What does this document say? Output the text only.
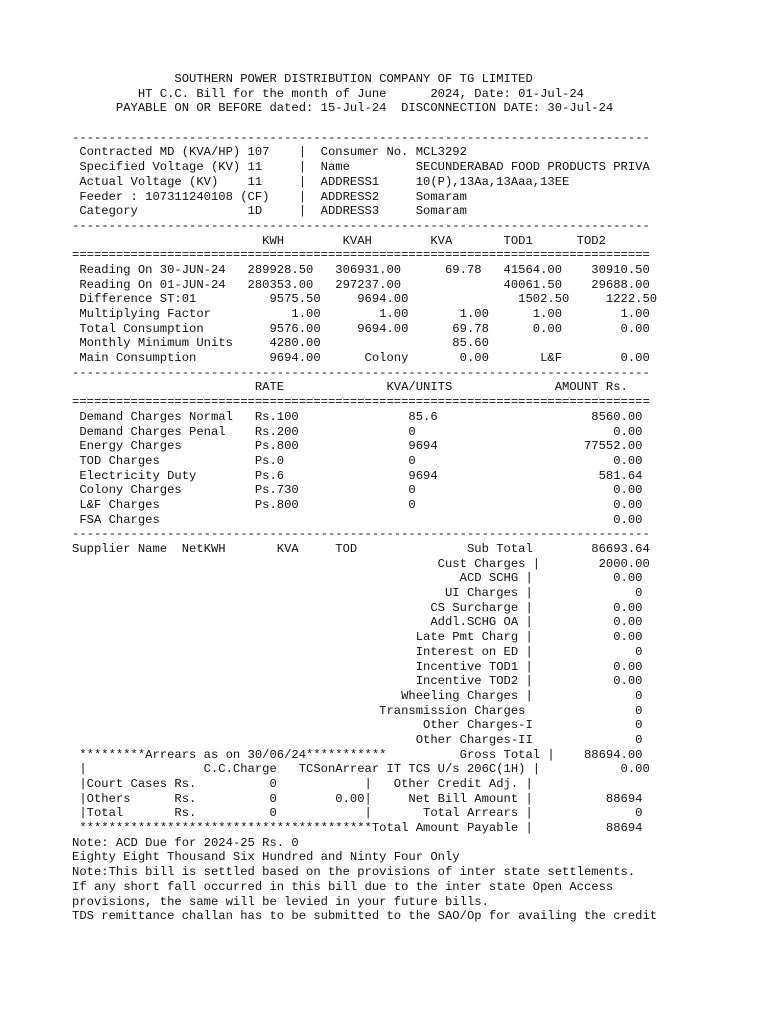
SOUTHERN POWER DISTRIBUTION COMPANY OF TG LIMITED
HT C.C. Bill for the month of June      2024, Date: 01-Jul-24
PAYABLE ON OR BEFORE dated: 15-Jul-24  DISCONNECTION DATE: 30-Jul-24
-------------------------------------------------------------------------------
Contracted MD (KVA/HP) 107    |  Consumer No. MCL3292
Specified Voltage (KV) 11     |  Name         SECUNDERABAD FOOD PRODUCTS PRIVA
Actual Voltage (KV)    11     |  ADDRESS1     10(P),13Aa,13Aaa,13EE
Feeder : 107311240108 (CF)    |  ADDRESS2     Somaram
Category               1D     |  ADDRESS3     Somaram
-------------------------------------------------------------------------------
KWH        KVAH        KVA       TOD1      TOD2
===============================================================================
Reading On 30-JUN-24   289928.50   306931.00      69.78   41564.00    30910.50
Reading On 01-JUN-24   280353.00   297237.00              40061.50    29688.00
Difference ST:01          9575.50     9694.00               1502.50     1222.50
Multiplying Factor           1.00        1.00       1.00      1.00        1.00
Total Consumption         9576.00     9694.00      69.78      0.00        0.00
Monthly Minimum Units     4280.00                  85.60
Main Consumption          9694.00      Colony       0.00       L&F        0.00
-------------------------------------------------------------------------------
RATE              KVA/UNITS              AMOUNT Rs.
===============================================================================
Demand Charges Normal   Rs.100               85.6                     8560.00
Demand Charges Penal    Rs.200               0                           0.00
Energy Charges          Ps.800               9694                    77552.00
TOD Charges             Ps.0                 0                           0.00
Electricity Duty        Ps.6                 9694                      581.64
Colony Charges          Ps.730               0                           0.00
L&F Charges             Ps.800               0                           0.00
FSA Charges                                                              0.00
-------------------------------------------------------------------------------
Supplier Name  NetKWH       KVA     TOD               Sub Total        86693.64
Cust Charges |        2000.00
ACD SCHG |           0.00
UI Charges |              0
CS Surcharge |           0.00
Addl.SCHG OA |           0.00
Late Pmt Charg |           0.00
Interest on ED |              0
Incentive TOD1 |           0.00
Incentive TOD2 |           0.00
Wheeling Charges |              0
Transmission Charges               0
Other Charges-I              0
Other Charges-II              0
*********Arrears as on 30/06/24***********          Gross Total |    88694.00
|                C.C.Charge   TCSonArrear IT TCS U/s 206C(1H) |           0.00
|Court Cases Rs.          0            |   Other Credit Adj. |
|Others      Rs.          0        0.00|     Net Bill Amount |          88694
|Total       Rs.          0            |       Total Arrears |              0
****************************************Total Amount Payable |          88694
Note: ACD Due for 2024-25 Rs. 0
Eighty Eight Thousand Six Hundred and Ninty Four Only
Note:This bill is settled based on the provisions of inter state settlements.
If any short fall occurred in this bill due to the inter state Open Access
provisions, the same will be levied in your future bills.
TDS remittance challan has to be submitted to the SAO/Op for availing the credit
